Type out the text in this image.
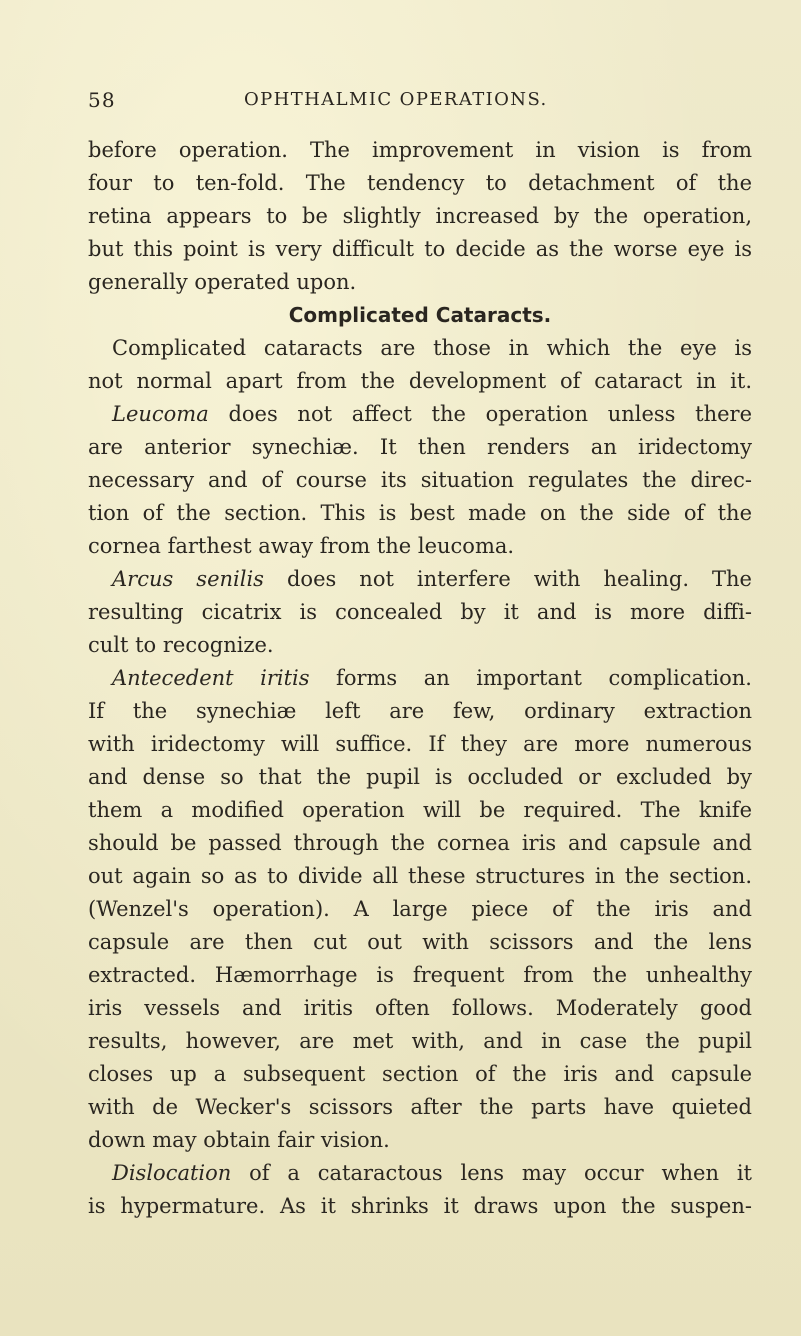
58	OPHTHALMIC OPERATIONS.
before operation. The improvement in vision is from
four to ten-fold. The tendency to detachment of the
retina appears to be slightly increased by the operation,
but this point is very difficult to decide as the worse eye is
generally operated upon.
Complicated Cataracts.
Complicated cataracts are those in which the eye is
not normal apart from the development of cataract in it.
Leucoma does not affect the operation unless there
are anterior synechiæ. It then renders an iridectomy
necessary and of course its situation regulates the direc-
tion of the section. This is best made on the side of the
cornea farthest away from the leucoma.
Arcus senilis does not interfere with healing. The
resulting cicatrix is concealed by it and is more diffi-
cult to recognize.
Antecedent iritis forms an important complication.
If the synechiæ left are few, ordinary extraction
with iridectomy will suffice. If they are more numerous
and dense so that the pupil is occluded or excluded by
them a modified operation will be required. The knife
should be passed through the cornea iris and capsule and
out again so as to divide all these structures in the section.
(Wenzel's operation). A large piece of the iris and
capsule are then cut out with scissors and the lens
extracted. Hæmorrhage is frequent from the unhealthy
iris vessels and iritis often follows. Moderately good
results, however, are met with, and in case the pupil
closes up a subsequent section of the iris and capsule
with de Wecker's scissors after the parts have quieted
down may obtain fair vision.
Dislocation of a cataractous lens may occur when it
is hypermature. As it shrinks it draws upon the suspen-
